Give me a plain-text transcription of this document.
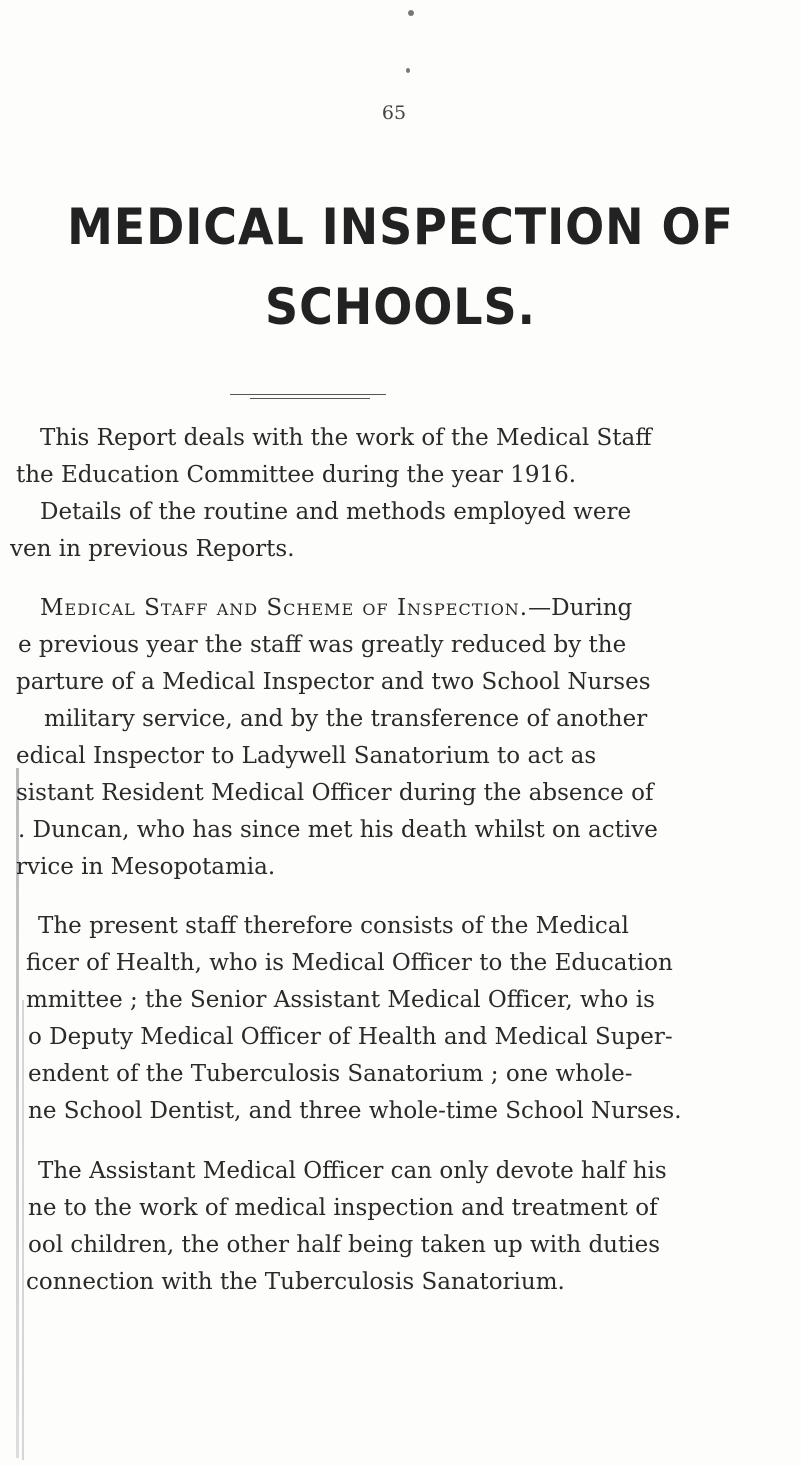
65
MEDICAL INSPECTION OF
SCHOOLS.
This Report deals with the work of the Medical Staff
the Education Committee during the year 1916.
Details of the routine and methods employed were
ven in previous Reports.
Medical Staff and Scheme of Inspection.—During
e previous year the staff was greatly reduced by the
parture of a Medical Inspector and two School Nurses
military service, and by the transference of another
edical Inspector to Ladywell Sanatorium to act as
sistant Resident Medical Officer during the absence of
. Duncan, who has since met his death whilst on active
rvice in Mesopotamia.
The present staff therefore consists of the Medical
ficer of Health, who is Medical Officer to the Education
mmittee ; the Senior Assistant Medical Officer, who is
o Deputy Medical Officer of Health and Medical Super-
endent of the Tuberculosis Sanatorium ; one whole-
ne School Dentist, and three whole-time School Nurses.
The Assistant Medical Officer can only devote half his
ne to the work of medical inspection and treatment of
ool children, the other half being taken up with duties
connection with the Tuberculosis Sanatorium.
